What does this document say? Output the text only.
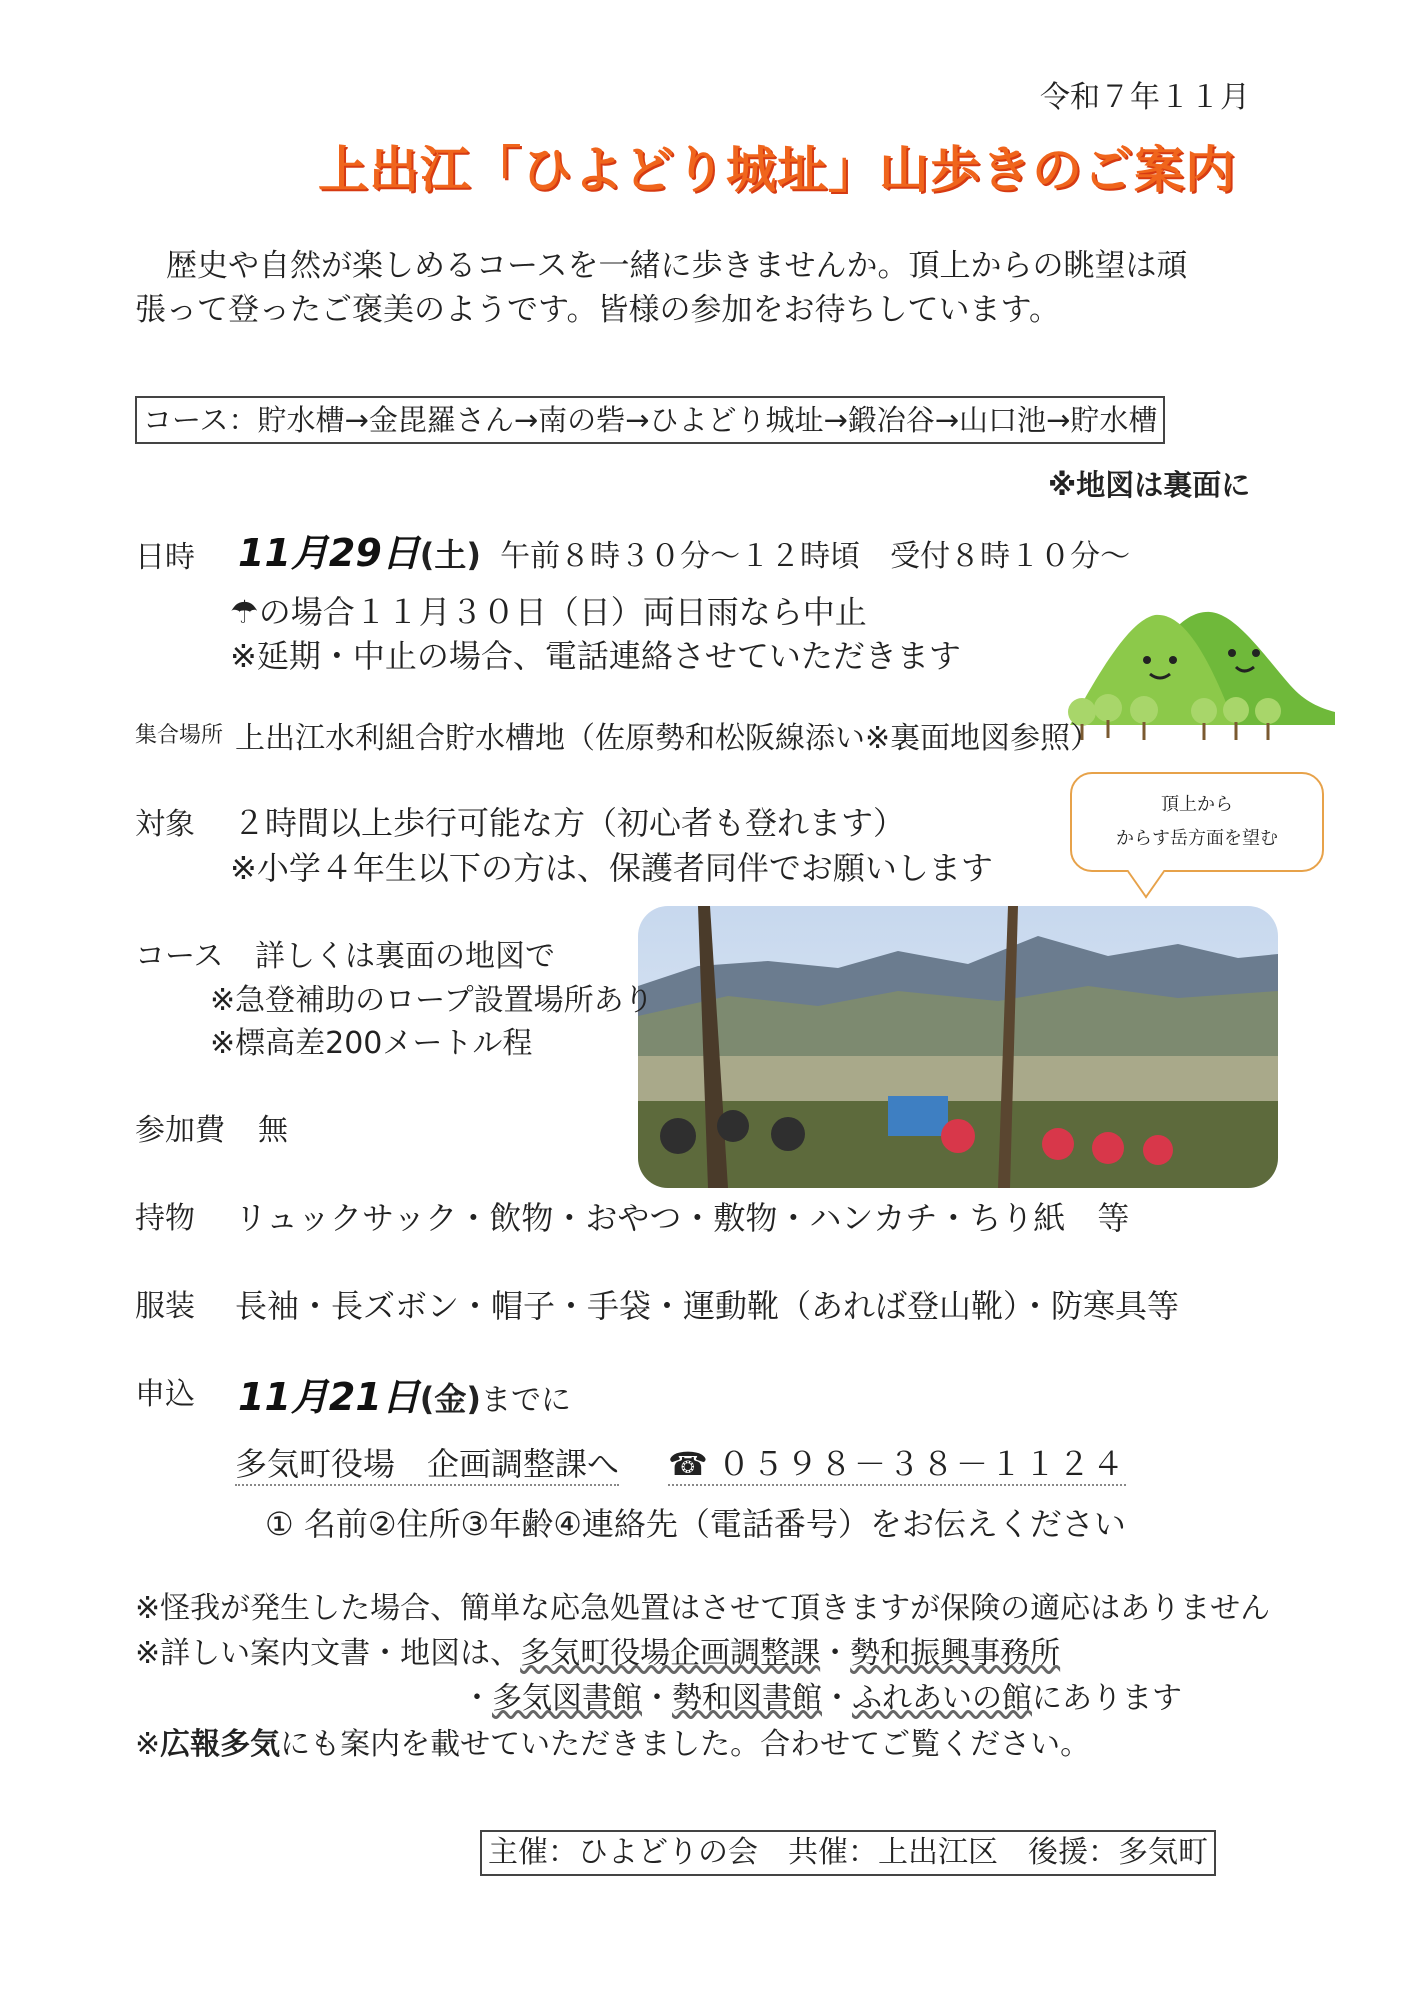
令和７年１１月
上出江「ひよどり城址」山歩きのご案内

　歴史や自然が楽しめるコースを一緒に歩きませんか。頂上からの眺望は頑

張って登ったご褒美のようです。皆様の参加をお待ちしています。

コース：貯水槽→金毘羅さん→南の砦→ひよどり城址→鍛冶谷→山口池→貯水槽
※地図は裏面に
日時 11月29日(土) 午前８時３０分～１２時頃　受付８時１０分～
☂の場合１１月３０日（日）両日雨なら中止
※延期・中止の場合、電話連絡させていただきます
集合場所 上出江水利組合貯水槽地（佐原勢和松阪線添い※裏面地図参照）
対象 ２時間以上歩行可能な方（初心者も登れます）
※小学４年生以下の方は、保護者同伴でお願いします
頂上から
からす岳方面を望む
コース 詳しくは裏面の地図で
※急登補助のロープ設置場所あり
※標高差200メートル程
参加費 無
持物 リュックサック・飲物・おやつ・敷物・ハンカチ・ちり紙　等
服装 長袖・長ズボン・帽子・手袋・運動靴（あれば登山靴）・防寒具等
申込 11月21日(金)までに
多気町役場　企画調整課へ ☎ ０５９８－３８－１１２４
① 名前②住所③年齢④連絡先（電話番号）をお伝えください
※怪我が発生した場合、簡単な応急処置はさせて頂きますが保険の適応はありません
※詳しい案内文書・地図は、多気町役場企画調整課・勢和振興事務所
・多気図書館・勢和図書館・ふれあいの館にあります
※広報多気にも案内を載せていただきました。合わせてご覧ください。
主催：ひよどりの会　共催：上出江区　後援：多気町
